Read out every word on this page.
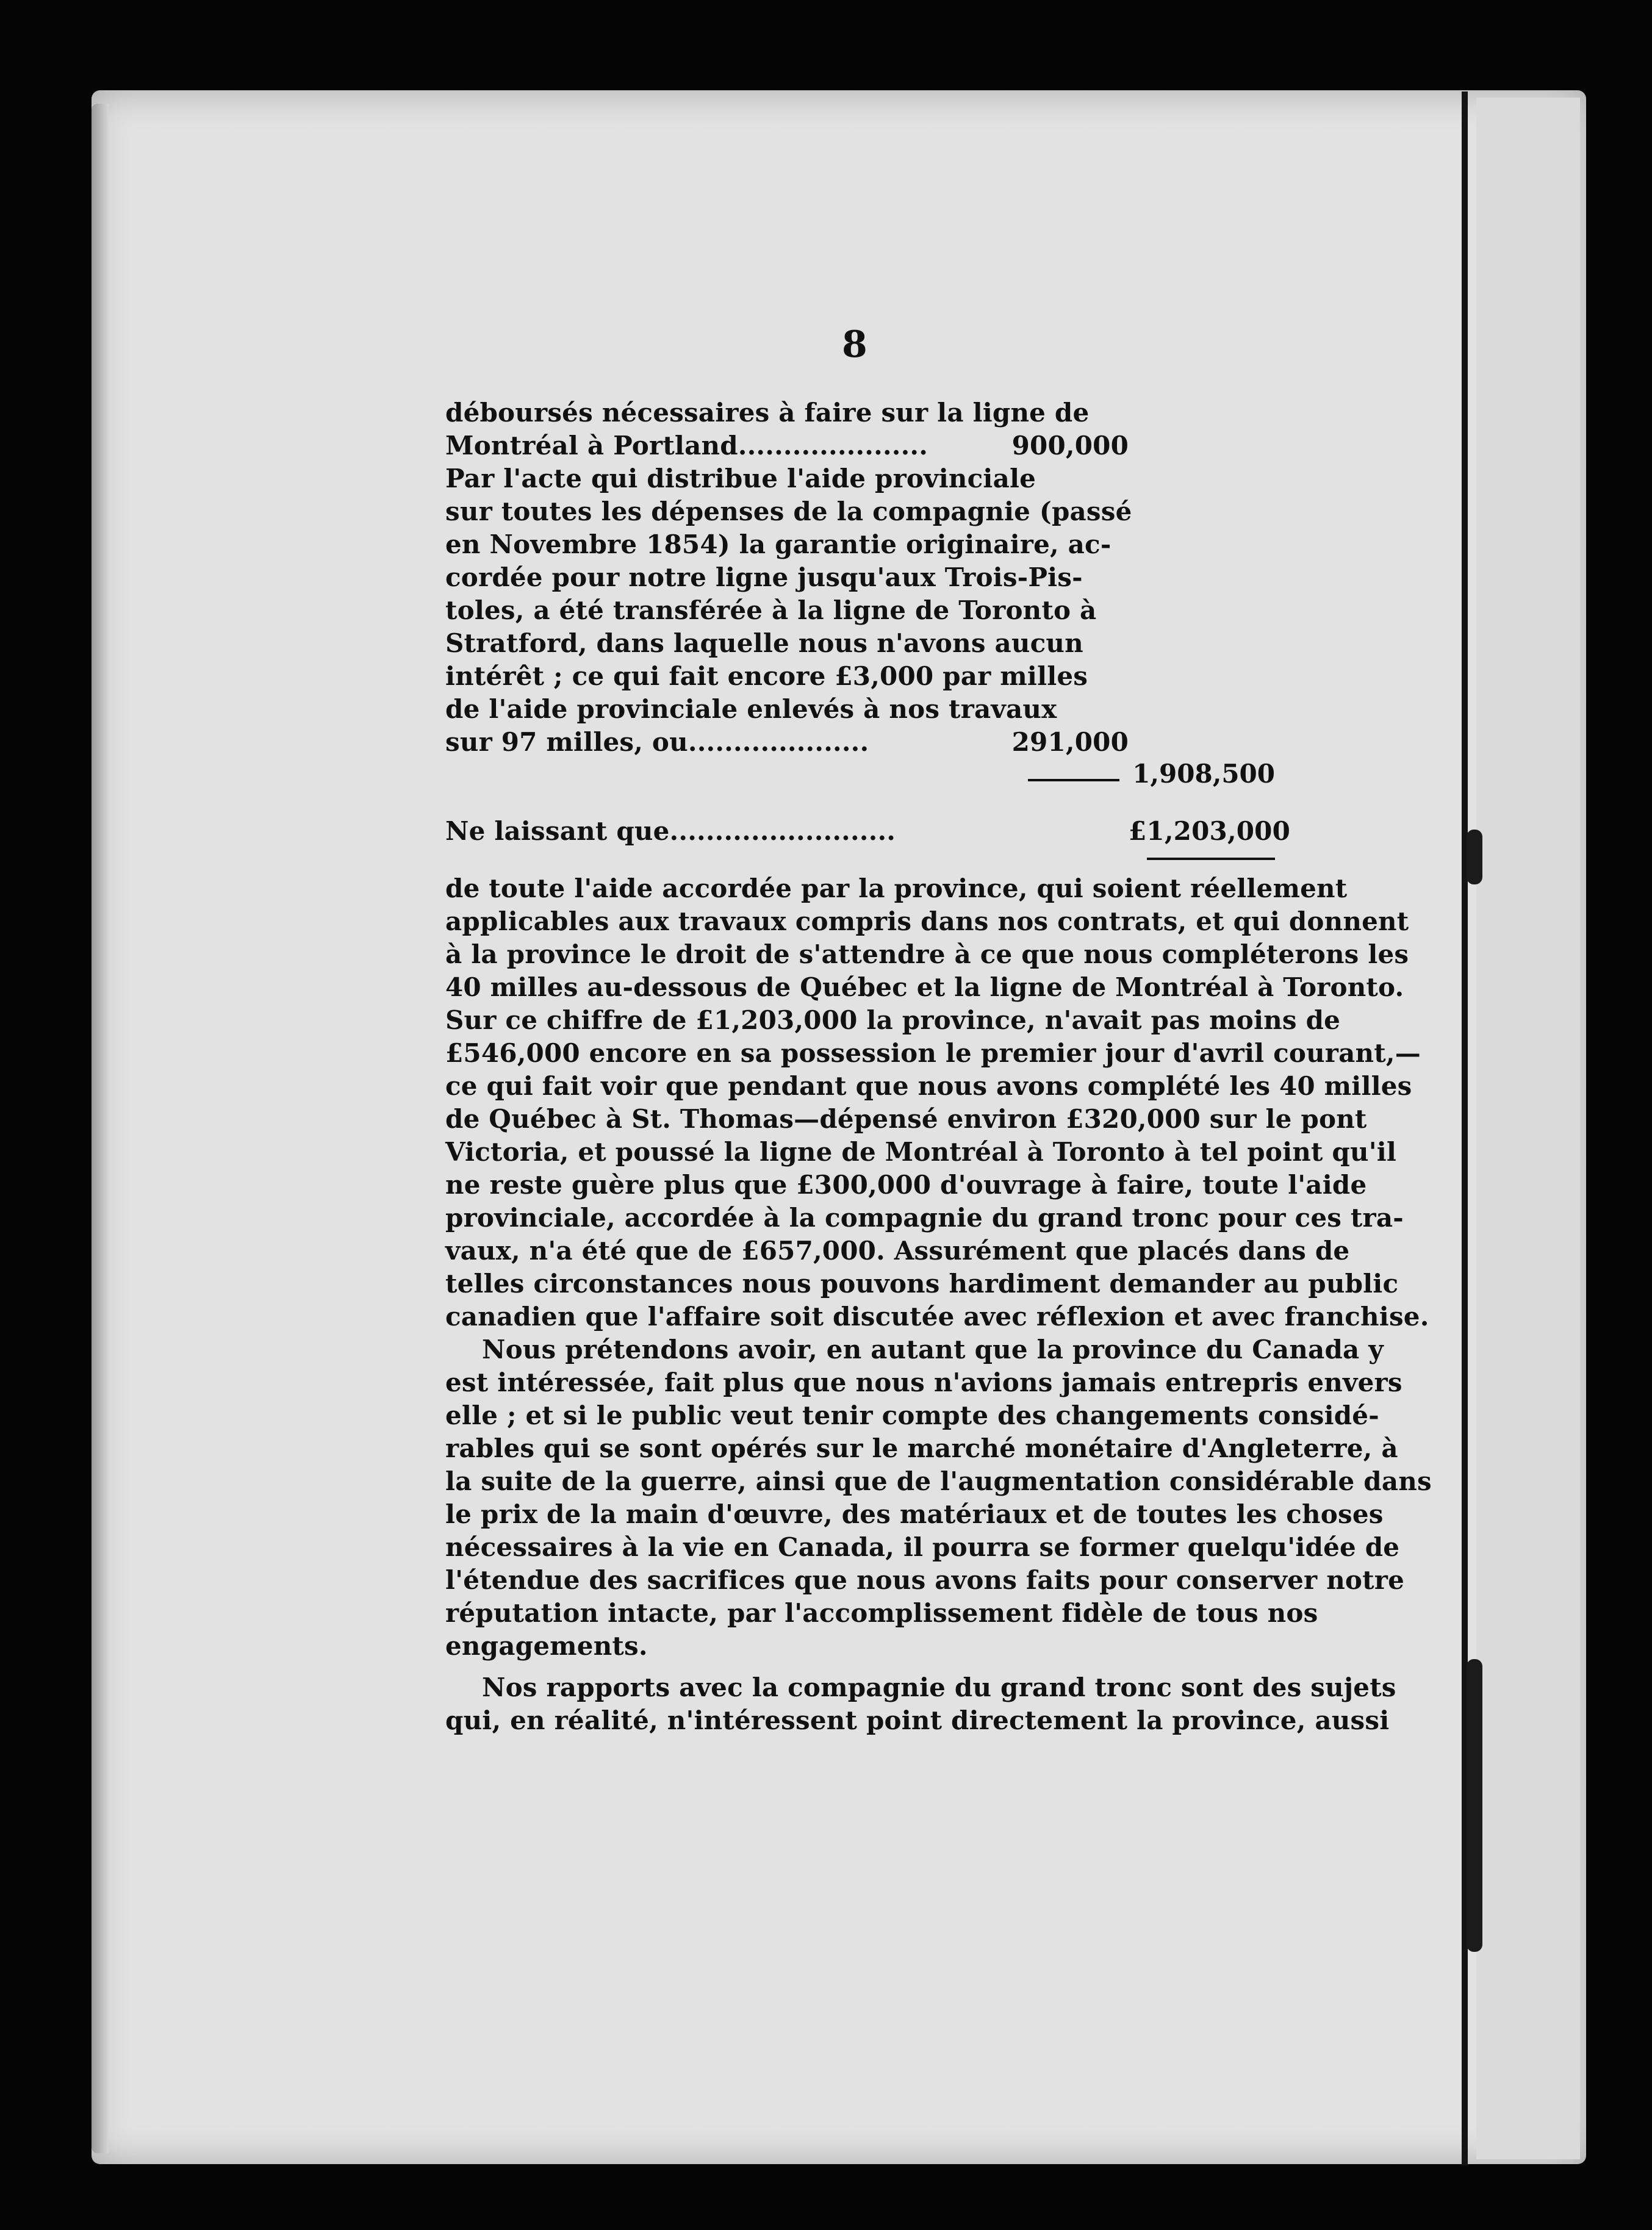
8
déboursés nécessaires à faire sur la ligne de
Montréal à Portland.....................	900,000
Par l'acte qui distribue l'aide provinciale
sur toutes les dépenses de la compagnie (passé
en Novembre 1854) la garantie originaire, ac-
cordée pour notre ligne jusqu'aux Trois-Pis-
toles, a été transférée à la ligne de Toronto à
Stratford, dans laquelle nous n'avons aucun
intérêt ; ce qui fait encore £3,000 par milles
de l'aide provinciale enlevés à nos travaux
sur 97 milles, ou....................	291,000
1,908,500
Ne laissant que.........................	£1,203,000
de toute l'aide accordée par la province, qui soient réellement
applicables aux travaux compris dans nos contrats, et qui donnent
à la province le droit de s'attendre à ce que nous compléterons les
40 milles au-dessous de Québec et la ligne de Montréal à Toronto.
Sur ce chiffre de £1,203,000 la province, n'avait pas moins de
£546,000 encore en sa possession le premier jour d'avril courant,—
ce qui fait voir que pendant que nous avons complété les 40 milles
de Québec à St. Thomas—dépensé environ £320,000 sur le pont
Victoria, et poussé la ligne de Montréal à Toronto à tel point qu'il
ne reste guère plus que £300,000 d'ouvrage à faire, toute l'aide
provinciale, accordée à la compagnie du grand tronc pour ces tra-
vaux, n'a été que de £657,000. Assurément que placés dans de
telles circonstances nous pouvons hardiment demander au public
canadien que l'affaire soit discutée avec réflexion et avec franchise.
Nous prétendons avoir, en autant que la province du Canada y
est intéressée, fait plus que nous n'avions jamais entrepris envers
elle ; et si le public veut tenir compte des changements considé-
rables qui se sont opérés sur le marché monétaire d'Angleterre, à
la suite de la guerre, ainsi que de l'augmentation considérable dans
le prix de la main d'œuvre, des matériaux et de toutes les choses
nécessaires à la vie en Canada, il pourra se former quelqu'idée de
l'étendue des sacrifices que nous avons faits pour conserver notre
réputation intacte, par l'accomplissement fidèle de tous nos
engagements.
Nos rapports avec la compagnie du grand tronc sont des sujets
qui, en réalité, n'intéressent point directement la province, aussi
